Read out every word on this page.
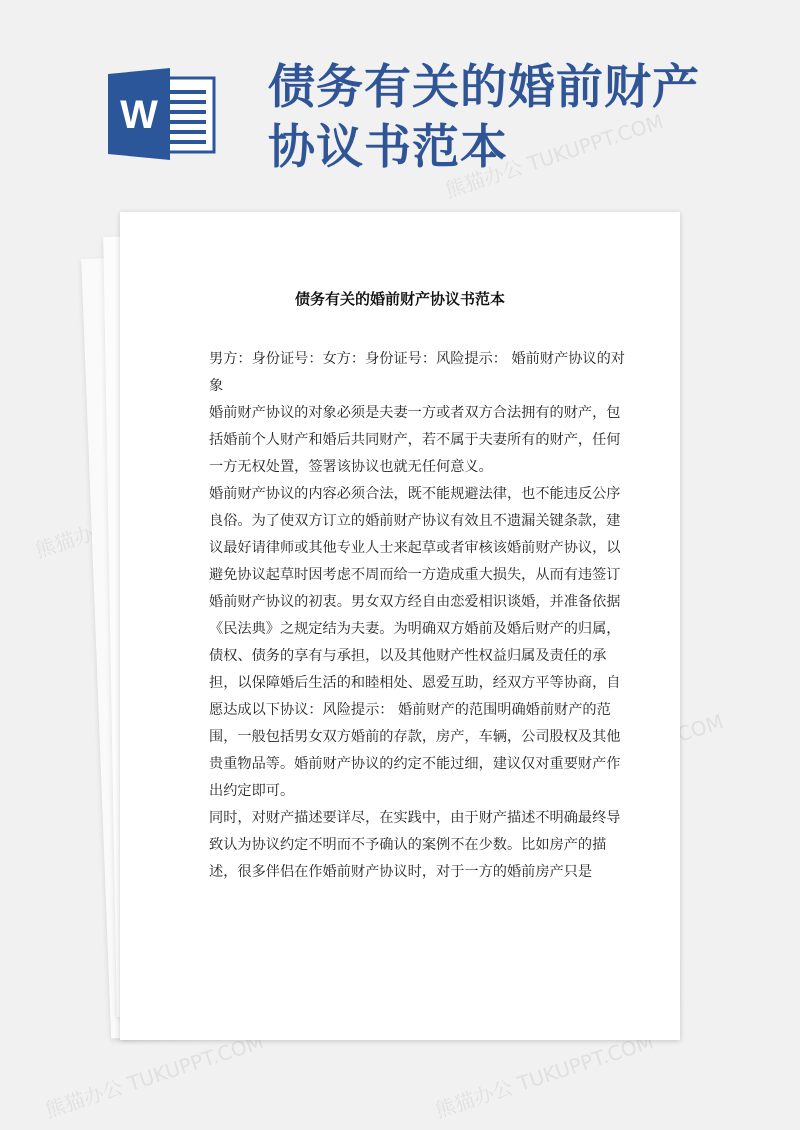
W 债务有关的婚前财产协议书范本
熊猫办公 TUKUPPT.COM
熊猫办公
熊猫办公 TUKUPPT.COM	熊猫办公 TUKUPPT.COM
债务有关的婚前财产协议书范本

男方：身份证号：女方：身份证号：风险提示： 婚前财产协议的对象

婚前财产协议的对象必须是夫妻一方或者双方合法拥有的财产，包括婚前个人财产和婚后共同财产，若不属于夫妻所有的财产，任何一方无权处置，签署该协议也就无任何意义。

婚前财产协议的内容必须合法，既不能规避法律，也不能违反公序良俗。为了使双方订立的婚前财产协议有效且不遗漏关键条款，建议最好请律师或其他专业人士来起草或者审核该婚前财产协议，以避免协议起草时因考虑不周而给一方造成重大损失，从而有违签订婚前财产协议的初衷。男女双方经自由恋爱相识谈婚，并准备依据《民法典》之规定结为夫妻。为明确双方婚前及婚后财产的归属，债权、债务的享有与承担，以及其他财产性权益归属及责任的承担，以保障婚后生活的和睦相处、恩爱互助，经双方平等协商，自愿达成以下协议：风险提示： 婚前财产的范围明确婚前财产的范围，一般包括男女双方婚前的存款，房产，车辆，公司股权及其他贵重物品等。婚前财产协议的约定不能过细，建议仅对重要财产作出约定即可。

同时，对财产描述要详尽，在实践中，由于财产描述不明确最终导致认为协议约定不明而不予确认的案例不在少数。比如房产的描述，很多伴侣在作婚前财产协议时，对于一方的婚前房产只是
